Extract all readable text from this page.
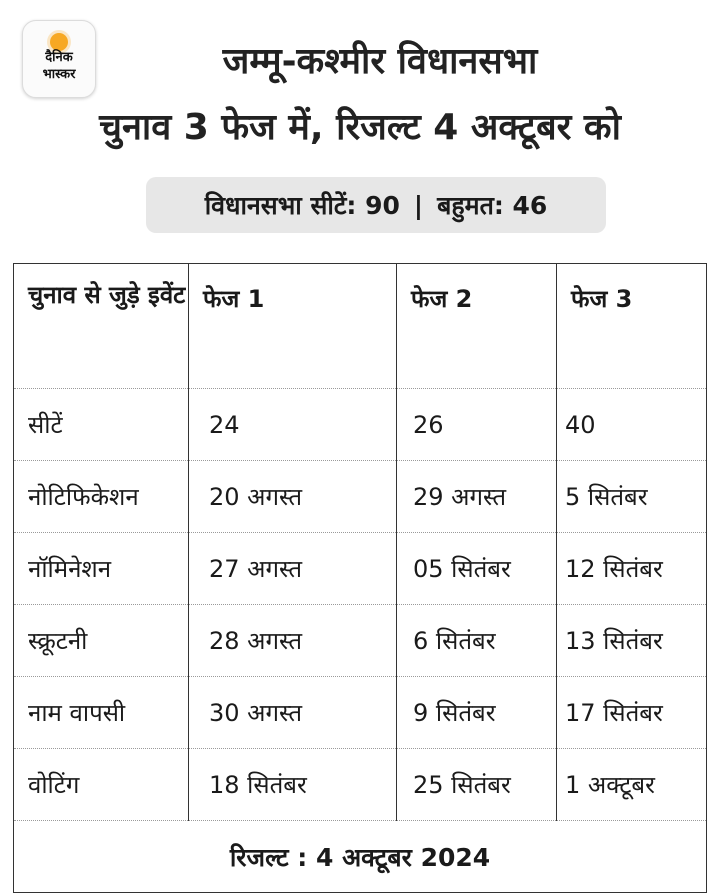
दैनिक
भास्कर	जम्मू-कश्मीर विधानसभा
चुनाव 3 फेज में, रिजल्ट 4 अक्टूबर को
विधानसभा सीटें: 90 | बहुमत: 46
चुनाव से जुड़े इवेंट	फेज 1	फेज 2	फेज 3
सीटें	24	26	40
नोटिफिकेशन	20 अगस्त	29 अगस्त	5 सितंबर
नॉमिनेशन	27 अगस्त	05 सितंबर	12 सितंबर
स्क्रूटनी	28 अगस्त	6 सितंबर	13 सितंबर
नाम वापसी	30 अगस्त	9 सितंबर	17 सितंबर
वोटिंग	18 सितंबर	25 सितंबर	1 अक्टूबर
रिजल्ट : 4 अक्टूबर 2024			
